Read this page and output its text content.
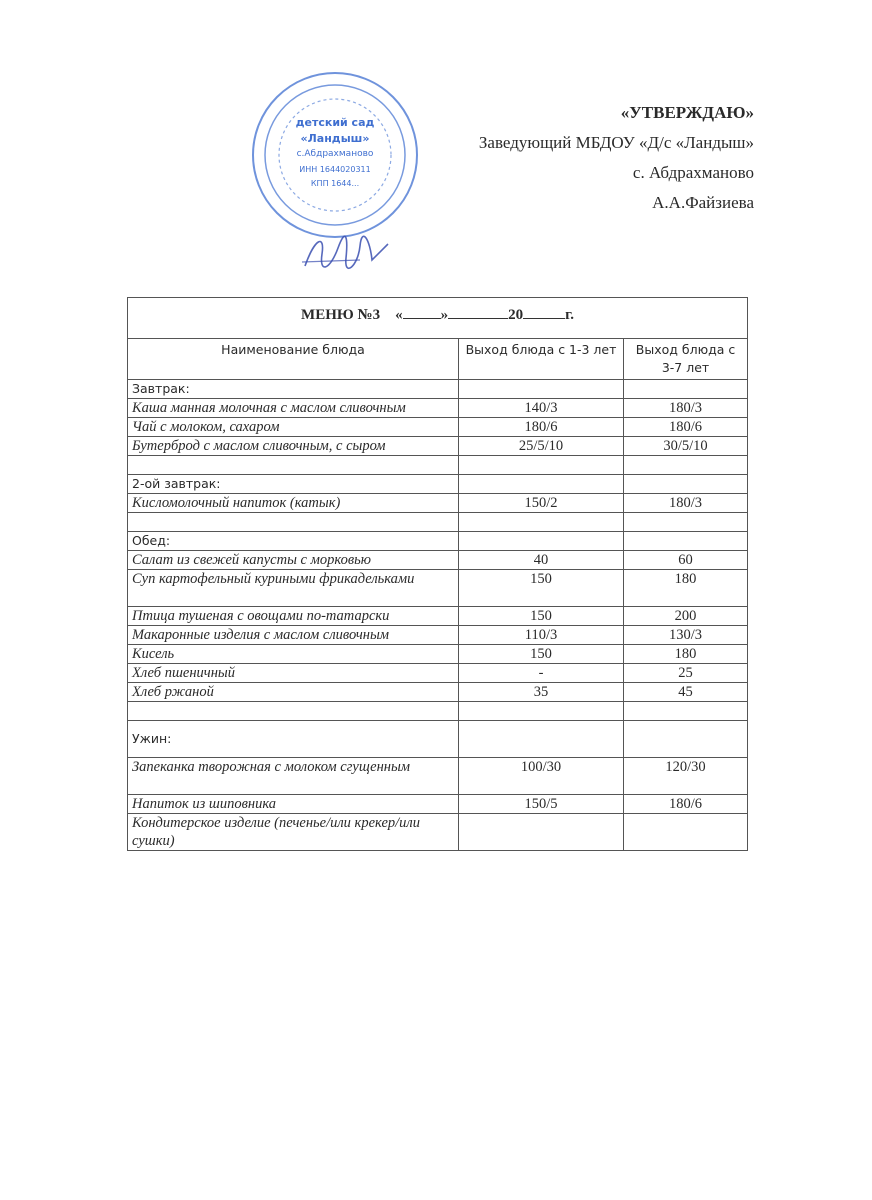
«УТВЕРЖДАЮ»
Заведующий МБДОУ «Д/с «Ландыш»
с. Абдрахманово
А.А.Файзиева
детский сад
«Ландыш»
с.Абдрахманово
ИНН 1644020311
КПП 1644...
МЕНЮ №3 « » 20 г.		
Наименование блюда	Выход блюда с 1-3 лет	Выход блюда с 3-7 лет
Завтрак:		
Каша манная молочная с маслом сливочным	140/3	180/3
Чай с молоком, сахаром	180/6	180/6
Бутерброд с маслом сливочным, с сыром	25/5/10	30/5/10

2-ой завтрак:		
Кисломолочный напиток (катык)	150/2	180/3

Обед:		
Салат из свежей капусты с морковью	40	60
Суп картофельный куриными фрикадельками	150	180
Птица тушеная с овощами по-татарски	150	200
Макаронные изделия с маслом сливочным	110/3	130/3
Кисель	150	180
Хлеб пшеничный	-	25
Хлеб ржаной	35	45

Ужин:		
Запеканка творожная с молоком сгущенным	100/30	120/30
Напиток из шиповника	150/5	180/6
Кондитерское изделие (печенье/или крекер/или сушки)		
